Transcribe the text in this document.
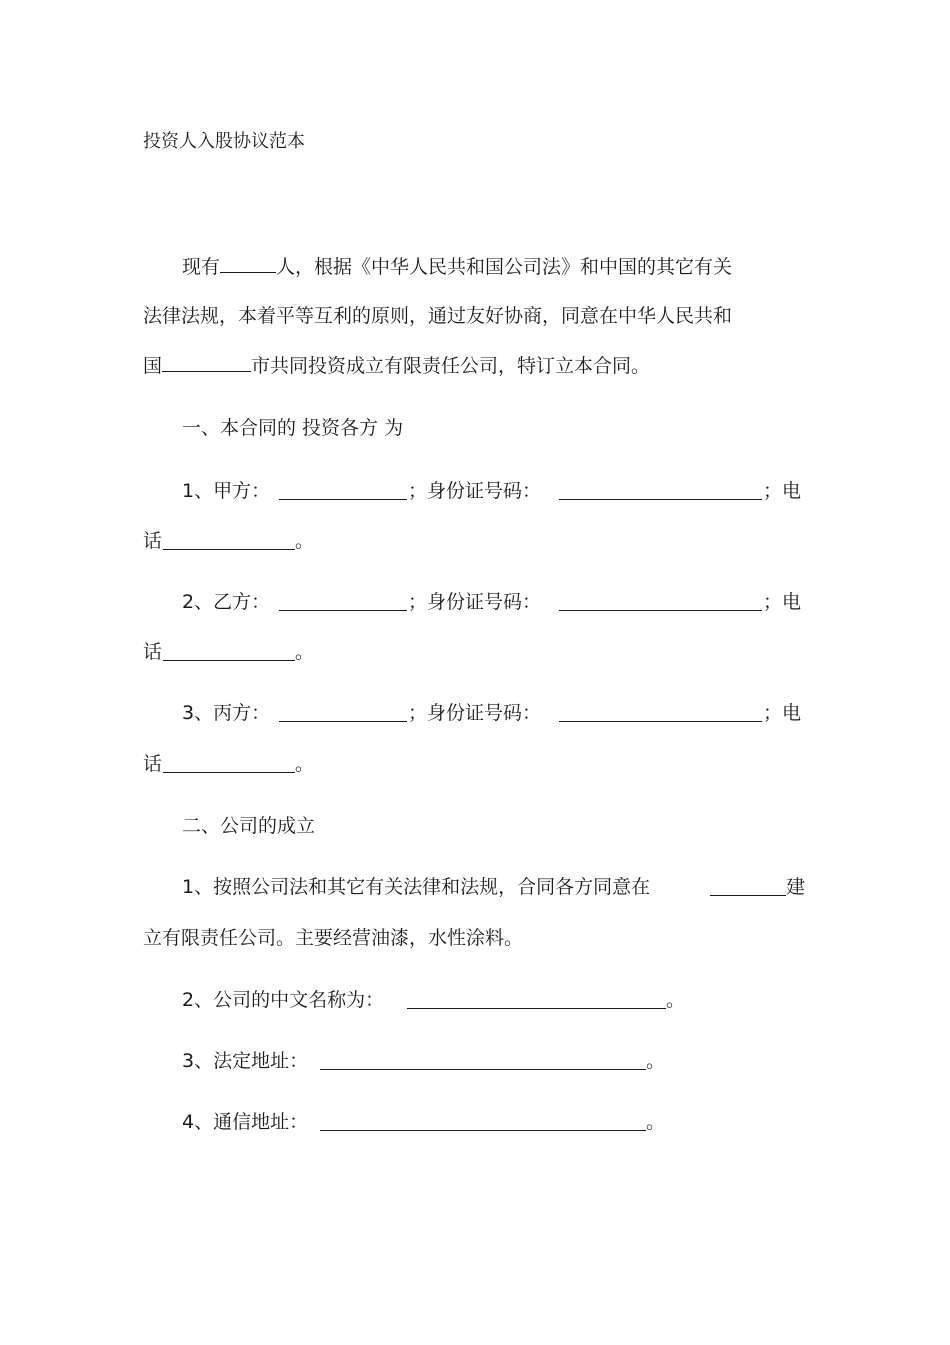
投资人入股协议范本
现有	人，根据《中华人民共和国公司法》和中国的其它有关
法律法规，本着平等互利的原则，通过友好协商，同意在中华人民共和
国	市共同投资成立有限责任公司，特订立本合同。
一、本合同的 投资各方 为
1、甲方：	；身份证号码：	；电
话	。
2、乙方：	；身份证号码：	；电
话	。
3、丙方：	；身份证号码：	；电
话	。
二、公司的成立
1、按照公司法和其它有关法律和法规，合同各方同意在	建
立有限责任公司。主要经营油漆，水性涂料。
2、公司的中文名称为：	。
3、法定地址：	。
4、通信地址：	。
